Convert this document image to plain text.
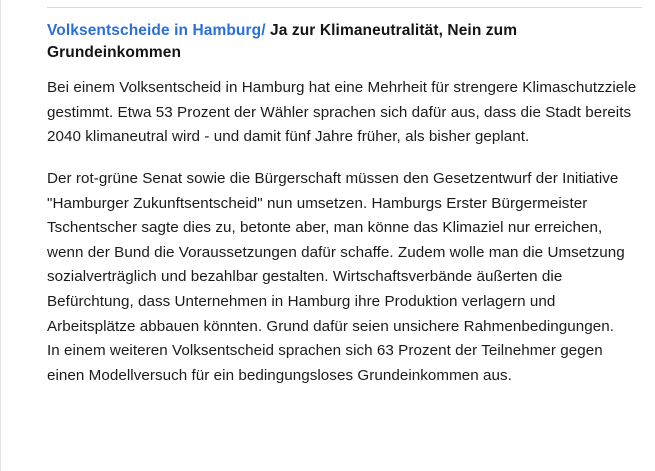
Volksentscheide in Hamburg/ Ja zur Klimaneutralität, Nein zum Grundeinkommen

Bei einem Volksentscheid in Hamburg hat eine Mehrheit für strengere Klimaschutzziele gestimmt. Etwa 53 Prozent der Wähler sprachen sich dafür aus, dass die Stadt bereits 2040 klimaneutral wird - und damit fünf Jahre früher, als bisher geplant.

Der rot-grüne Senat sowie die Bürgerschaft müssen den Gesetzentwurf der Initiative "Hamburger Zukunftsentscheid" nun umsetzen. Hamburgs Erster Bürgermeister Tschentscher sagte dies zu, betonte aber, man könne das Klimaziel nur erreichen, wenn der Bund die Voraussetzungen dafür schaffe. Zudem wolle man die Umsetzung sozialverträglich und bezahlbar gestalten. Wirtschaftsverbände äußerten die Befürchtung, dass Unternehmen in Hamburg ihre Produktion verlagern und Arbeitsplätze abbauen könnten. Grund dafür seien unsichere Rahmenbedingungen.

In einem weiteren Volksentscheid sprachen sich 63 Prozent der Teilnehmer gegen einen Modellversuch für ein bedingungsloses Grundeinkommen aus.
